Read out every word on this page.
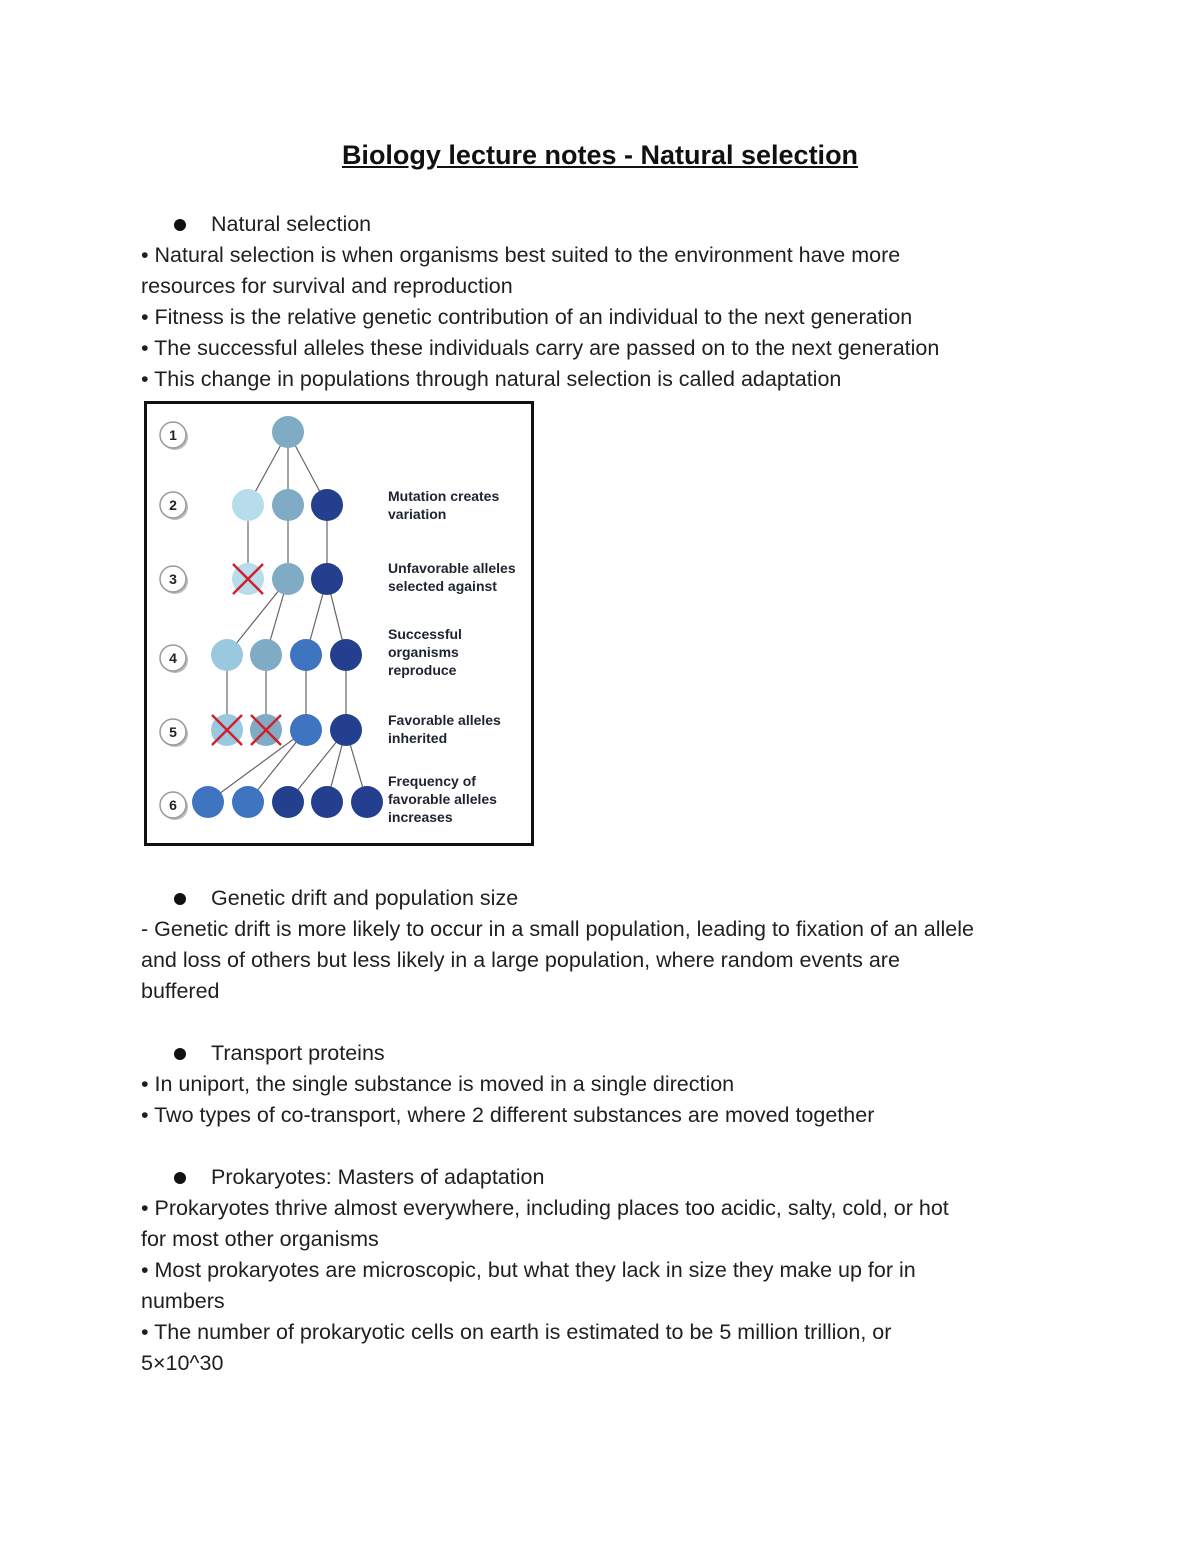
Biology lecture notes - Natural selection

Natural selection

• Natural selection is when organisms best suited to the environment have more

resources for survival and reproduction

• Fitness is the relative genetic contribution of an individual to the next generation

• The successful alleles these individuals carry are passed on to the next generation

• This change in populations through natural selection is called adaptation

1
2
3
4
5
6
Mutation creates variation
Unfavorable alleles selected against
Successful organisms reproduce
Favorable alleles inherited
Frequency of favorable alleles increases

Genetic drift and population size

- Genetic drift is more likely to occur in a small population, leading to fixation of an allele

and loss of others but less likely in a large population, where random events are

buffered

Transport proteins

• In uniport, the single substance is moved in a single direction

• Two types of co-transport, where 2 different substances are moved together

Prokaryotes: Masters of adaptation

• Prokaryotes thrive almost everywhere, including places too acidic, salty, cold, or hot

for most other organisms

• Most prokaryotes are microscopic, but what they lack in size they make up for in

numbers

• The number of prokaryotic cells on earth is estimated to be 5 million trillion, or

5×10^30
